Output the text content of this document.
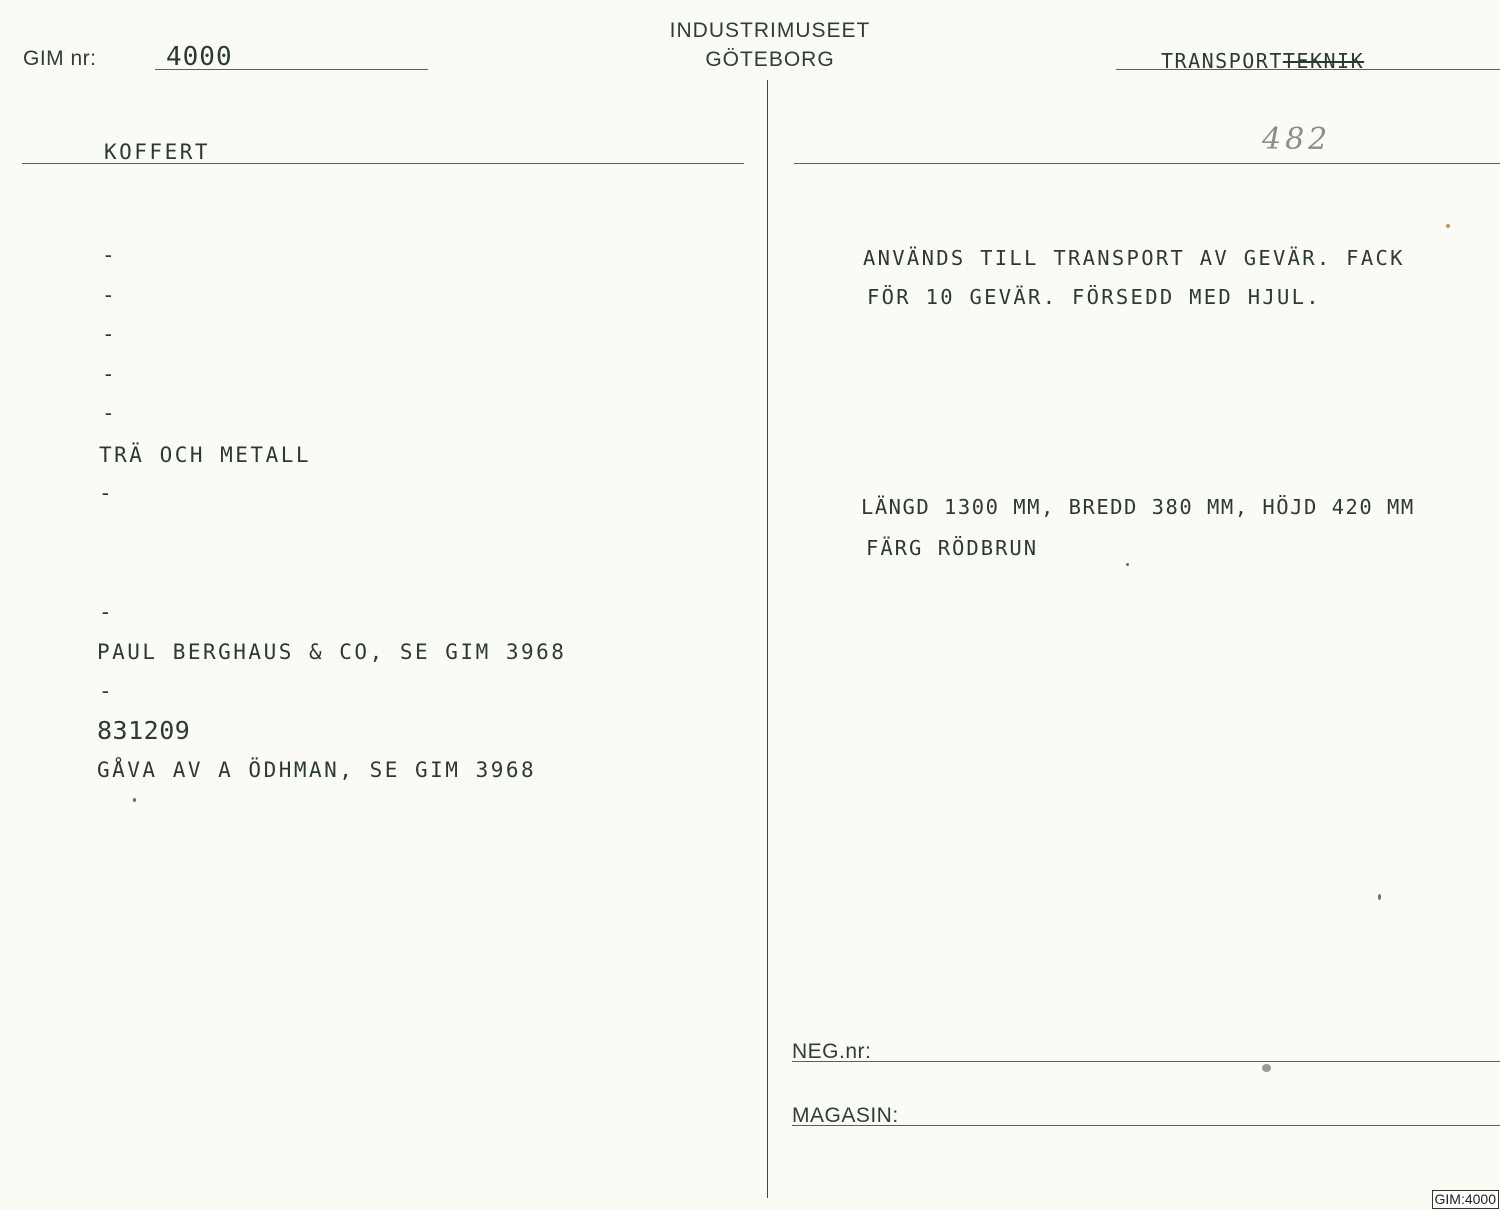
GIM nr:	4000
INDUSTRIMUSEET
GÖTEBORG	TRANSPORTTEKNIK
482
KOFFERT
-
-
-
-
-
TRÄ OCH METALL
-
-
PAUL BERGHAUS & CO, SE GIM 3968
-
831209
GÅVA AV A ÖDHMAN, SE GIM 3968
ANVÄNDS TILL TRANSPORT AV GEVÄR. FACK
FÖR 10 GEVÄR. FÖRSEDD MED HJUL.
LÄNGD 1300 MM, BREDD 380 MM, HÖJD 420 MM
FÄRG RÖDBRUN
NEG.nr:
MAGASIN:
GIM:4000
